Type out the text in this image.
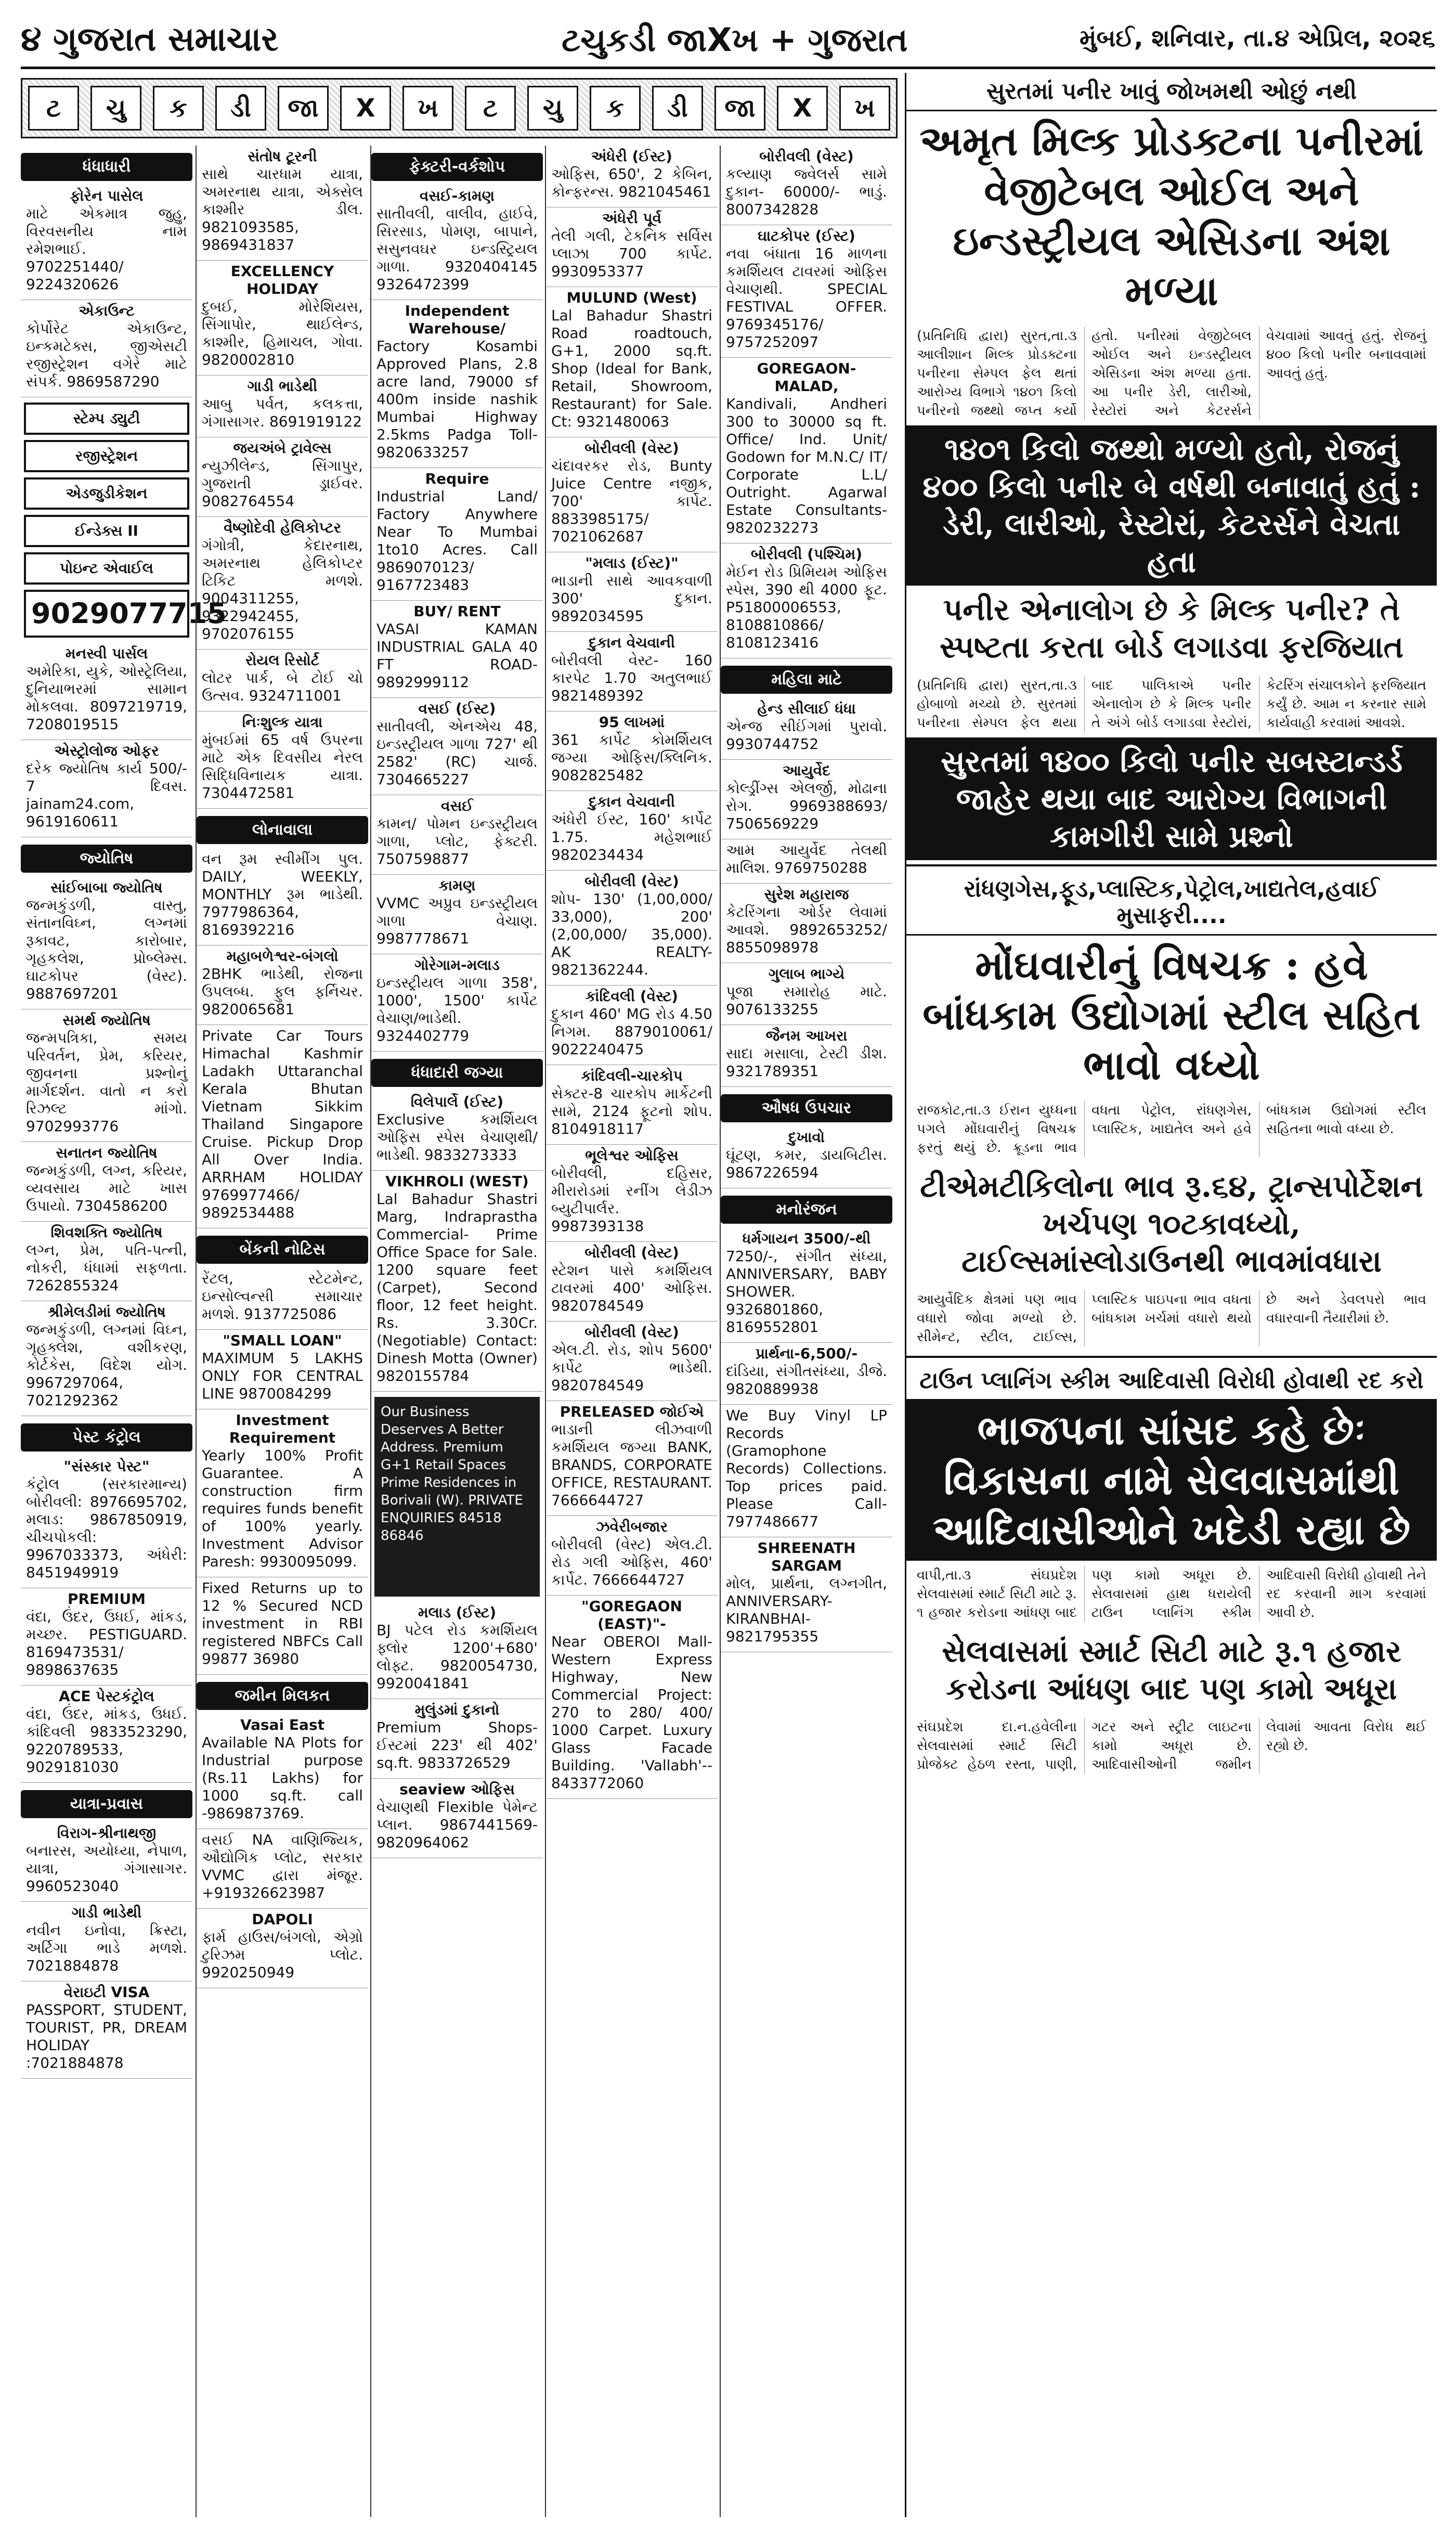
૪ ગુજરાત સમાચાર	ટચુકડી જાXખ + ગુજરાત	મુંબઈ, શનિવાર, તા.૪ એપ્રિલ, ૨૦૨૬
ટ	ચુ	ક	ડી	જા	X	ખ	ટ	ચુ	ક	ડી	જા	X	ખ
ધંધાધારી
ફોરેન પાસેલ
માટે એકમાત્ર જુહુ, વિરવસનીય નામ રમેશભાઈ. 9702251440/ 9224320626
એકાઉન્ટ
કોર્પોરેટ એકાઉન્ટ, ઇન્કમટેક્સ, જીએસટી રજીસ્ટ્રેશન વગેરે માટે સંપર્ક. 9869587290
સ્ટેમ્પ ડ્યુટી
રજીસ્ટ્રેશન
એડજુડીકેશન
ઈન્ડેક્સ II
પોઇન્ટ એવાઈલ
9029077715
મનસ્વી પાર્સલ
અમેરિકા, યુકે, ઓસ્ટ્રેલિયા, દુનિયાભરમાં સામાન મોકલવા. 8097219719, 7208019515
એસ્ટ્રોલોજ ઓફર
દરેક જ્યોતિષ કાર્ય 500/- 7 દિવસ. jainam24.com, 9619160611
જ્યોતિષ
સાંઈબાબા જ્યોતિષ
જન્મકુંડળી, વાસ્તુ, સંતાનવિઘ્ન, લગ્નમાં રૂકાવટ, કારોબાર, ગૃહકલેશ, પ્રોબ્લેમ્સ. ઘાટકોપર (વેસ્ટ). 9887697201
સમર્થ જ્યોતિષ
જન્મપત્રિકા, સમય પરિવર્તન, પ્રેમ, કરિયર, જીવનના પ્રશ્નોનું માર્ગદર્શન. વાતો ન કરો રિઝલ્ટ માંગો. 9702993776
સનાતન જ્યોતિષ
જન્મકુંડળી, લગ્ન, કરિયર, વ્યવસાય માટે ખાસ ઉપાયો. 7304586200
શિવશક્તિ જ્યોતિષ
લગ્ન, પ્રેમ, પતિ-પત્ની, નોકરી, ધંધામાં સફળતા. 7262855324
શ્રીમેલડીમાં જ્યોતિષ
જન્મકુંડળી, લગ્નમાં વિઘ્ન, ગૃહક્લેશ, વશીકરણ, કોર્ટકેસ, વિદેશ યોગ. 9967297064, 7021292362
પેસ્ટ કંટ્રોલ
"સંસ્કાર પેસ્ટ"
કંટ્રોલ (સરકારમાન્ય) બોરીવલી: 8976695702, મલાડ: 9867850919, ચીચપોકલી: 9967033373, અંધેરી: 8451949919
PREMIUM
વંદા, ઉંદર, ઉધઈ, માંકડ, મચ્છર. PESTIGUARD. 8169473531/ 9898637635
ACE પેસ્ટકંટ્રોલ
વંદા, ઉંદર, માંકડ, ઉધઈ. કાંદિવલી 9833523290, 9220789533, 9029181030
યાત્રા-પ્રવાસ
વિરાગ-શ્રીનાથજી
બનારસ, અયોધ્યા, નેપાળ, યાત્રા, ગંગાસાગર. 9960523040
ગાડી ભાડેથી
નવીન ઇનોવા, ક્રિસ્ટા, અર્ટિગા ભાડે મળશે. 7021884878
વેરાઇટી VISA
PASSPORT, STUDENT, TOURIST, PR, DREAM HOLIDAY :7021884878
સંતોષ ટૂરની
સાથે ચારધામ યાત્રા, અમરનાથ યાત્રા, એક્સેલ કાશ્મીર ડીલ. 9821093585, 9869431837
EXCELLENCY HOLIDAY
દુબઈ, મોરેશિયસ, સિંગાપોર, થાઈલેન્ડ, કાશ્મીર, હિમાચલ, ગોવા. 9820002810
ગાડી ભાડેથી
આબુ પર્વત, કલકત્તા, ગંગાસાગર. 8691919122
જયઅંબે ટ્રાવેલ્સ
ન્યુઝીલેન્ડ, સિંગાપુર, ગુજરાતી ડ્રાઈવર. 9082764554
વૈષ્ણોદેવી હેલિકોપ્ટર
ગંગોત્રી, કેદારનાથ, અમરનાથ હેલિકોપ્ટર ટિકિટ મળશે. 9004311255, 9322942455, 9702076155
રોયલ રિસોર્ટ
લોટર પાર્ક, બે ટોઈ ચો ઉત્સવ. 9324711001
નિઃશુલ્ક યાત્રા
મુંબઈમાં 65 વર્ષ ઉપરના માટે એક દિવસીય નેરલ સિદ્ધિવિનાયક યાત્રા. 7304472581
લોનાવાલા
વન રૂમ સ્વીમીંગ પુલ. DAILY, WEEKLY, MONTHLY રૂમ ભાડેથી. 7977986364, 8169392216
મહાબળેશ્વર-બંગલો
2BHK ભાડેથી, રોજના ઉપલબ્ધ. ફુલ ફર્નિચર. 9820065681
Private Car Tours Himachal Kashmir Ladakh Uttaranchal Kerala Bhutan Vietnam Sikkim Thailand Singapore Cruise. Pickup Drop All Over India. ARRHAM HOLIDAY 9769977466/ 9892534488
બેંકની નોટિસ
રેંટલ, સ્ટેટમેન્ટ, ઇન્સોલ્વન્સી સમાચાર મળશે. 9137725086
"SMALL LOAN"
MAXIMUM 5 LAKHS ONLY FOR CENTRAL LINE 9870084299
Investment Requirement
Yearly 100% Profit Guarantee. A construction firm requires funds benefit of 100% yearly. Investment Advisor Paresh: 9930095099.
Fixed Returns up to 12 % Secured NCD investment in RBI registered NBFCs Call 99877 36980
જમીન મિલકત
Vasai East
Available NA Plots for Industrial purpose (Rs.11 Lakhs) for 1000 sq.ft. call -9869873769.
વસઈ NA વાણિજ્યિક, ઔદ્યોગિક પ્લોટ, સરકાર VVMC દ્વારા મંજૂર. +919326623987
DAPOLI
ફાર્મ હાઉસ/બંગલો, એગ્રો ટુરિઝમ પ્લોટ. 9920250949
ફેક્ટરી-વર્કશોપ
વસઈ-કામણ
સાતીવલી, વાલીવ, હાઈવે, સિરસાડ, પોમણ, બાપાને, સસુનવઘર ઇન્ડસ્ટ્રિયલ ગાળા. 9320404145 9326472399
Independent Warehouse/
Factory Kosambi Approved Plans, 2.8 acre land, 79000 sf 400m inside nashik Mumbai Highway 2.5kms Padga Toll-9820633257
Require
Industrial Land/ Factory Anywhere Near To Mumbai 1to10 Acres. Call 9869070123/ 9167723483
BUY/ RENT
VASAI KAMAN INDUSTRIAL GALA 40 FT ROAD- 9892999112
વસઈ (ઈસ્ટ)
સાતીવલી, એનએચ 48, ઇન્ડસ્ટ્રીયલ ગાળા 727' થી 2582' (RC) ચાર્જ. 7304665227
વસઈ
કામન/ પોમન ઇન્ડસ્ટ્રીયલ ગાળા, પ્લોટ, ફેક્ટરી. 7507598877
કામણ
VVMC અપ્રુવ ઇન્ડસ્ટ્રીયલ ગાળા વેચાણ. 9987778671
ગોરેગામ-મલાડ
ઇન્ડસ્ટ્રીયલ ગાળા 358', 1000', 1500' કાર્પેટ વેચાણ/ભાડેથી. 9324402779
ધંધાદારી જગ્યા
વિલેપાર્લે (ઈસ્ટ)
Exclusive કમર્શિયલ ઓફિસ સ્પેસ વેચાણથી/ભાડેથી. 9833273333
VIKHROLI (WEST)
Lal Bahadur Shastri Marg, Indraprastha Commercial- Prime Office Space for Sale. 1200 square feet (Carpet), Second floor, 12 feet height. Rs. 3.30Cr. (Negotiable) Contact: Dinesh Motta (Owner) 9820155784
Our Business Deserves A Better Address. Premium G+1 Retail Spaces Prime Residences in Borivali (W). PRIVATE ENQUIRIES 84518 86846
મલાડ (ઈસ્ટ)
BJ પટેલ રોડ કમર્શિયલ ફ્લોર 1200'+680' લોફ્ટ. 9820054730, 9920041841
મુલુંડમાં દુકાનો
Premium Shops- ઈસ્ટમાં 223' થી 402' sq.ft. 9833726529
seaview ઓફિસ
વેચાણથી Flexible પેમેન્ટ પ્લાન. 9867441569- 9820964062
અંધેરી (ઈસ્ટ)
ઓફિસ, 650', 2 કેબિન, કોન્ફરન્સ. 9821045461
અંધેરી પૂર્વ
તેલી ગલી, ટેકનિક સર્વિસ પ્લાઝા 700 કાર્પેટ. 9930953377
MULUND (West)
Lal Bahadur Shastri Road roadtouch, G+1, 2000 sq.ft. Shop (Ideal for Bank, Retail, Showroom, Restaurant) for Sale. Ct: 9321480063
બોરીવલી (વેસ્ટ)
ચંદાવરકર રોડ, Bunty Juice Centre નજીક, 700' કાર્પેટ. 8833985175/ 7021062687
"મલાડ (ઈસ્ટ)"
ભાડાની સાથે આવકવાળી 300' દુકાન. 9892034595
દુકાન વેચવાની
બોરીવલી વેસ્ટ- 160 કારપેટ 1.70 અતુલભાઈ 9821489392
95 લાખમાં
361 કાર્પેટ કોમર્શિયલ જગ્યા ઓફિસ/ક્લિનિક. 9082825482
દુકાન વેચવાની
અંધેરી ઈસ્ટ, 160' કાર્પેટ 1.75. મહેશભાઈ 9820234434
બોરીવલી (વેસ્ટ)
શોપ- 130' (1,00,000/ 33,000), 200' (2,00,000/ 35,000). AK REALTY- 9821362244.
કાંદિવલી (વેસ્ટ)
દુકાન 460' MG રોડ 4.50 નિગમ. 8879010061/ 9022240475
કાંદિવલી-ચારકોપ
સેક્ટર-8 ચારકોપ માર્કેટની સામે, 2124 ફૂટનો શોપ. 8104918117
ભૂલેશ્વર ઓફિસ
બોરીવલી, દહિસર, મીરારોડમાં રનીંગ લેડીઝ બ્યુટીપાર્લર. 9987393138
બોરીવલી (વેસ્ટ)
સ્ટેશન પાસે કમર્શિયલ ટાવરમાં 400' ઓફિસ. 9820784549
બોરીવલી (વેસ્ટ)
એલ.ટી. રોડ, શોપ 5600' કાર્પેટ ભાડેથી. 9820784549
PRELEASED જોઈએ
ભાડાની લીઝવાળી કમર્શિયલ જગ્યા BANK, BRANDS, CORPORATE OFFICE, RESTAURANT. 7666644727
ઝવેરીબજાર
બોરીવલી (વેસ્ટ) એલ.ટી. રોડ ગલી ઓફિસ, 460' કાર્પેટ. 7666644727
"GOREGAON (EAST)"-
Near OBEROI Mall- Western Express Highway, New Commercial Project: 270 to 280/ 400/ 1000 Carpet. Luxury Glass Facade Building. 'Vallabh'-- 8433772060
બોરીવલી (વેસ્ટ)
કલ્યાણ જ્વેલર્સ સામે દુકાન- 60000/- ભાડું. 8007342828
ઘાટકોપર (ઈસ્ટ)
નવા બંધાતા 16 માળના કમર્શિયલ ટાવરમાં ઓફિસ વેચાણથી. SPECIAL FESTIVAL OFFER. 9769345176/ 9757252097
GOREGAON-MALAD,
Kandivali, Andheri 300 to 30000 sq ft. Office/ Ind. Unit/ Godown for M.N.C/ IT/ Corporate L.L/ Outright. Agarwal Estate Consultants- 9820232273
બોરીવલી (પશ્ચિમ)
મેઈન રોડ પ્રિમિયમ ઓફિસ સ્પેસ, 390 થી 4000 ફૂટ. P51800006553, 8108810866/ 8108123416
મહિલા માટે
હેન્ડ સીલાઈ ધંધા
એન્જ સીઈંગમાં પુરાવો. 9930744752
આયુર્વેદ
કોલ્ડ્રીંગ્સ એલર્જી, મોઢાના રોગ. 9969388693/ 7506569229
આમ આયુર્વેદ તેલથી માલિશ. 9769750288
સુરેશ મહારાજ
કેટરિંગના ઓર્ડર લેવામાં આવશે. 9892653252/ 8855098978
ગુલાબ ભાગ્યે
પૂજા સમારોહ માટે. 9076133255
જૈનમ આખરા
સાદા મસાલા, ટેસ્ટી ડીશ. 9321789351
ઔષધ ઉપચાર
દુખાવો
ઘૂંટણ, કમર, ડાયબિટીસ. 9867226594
મનોરંજન
ધર્મગાયન 3500/-થી
7250/-, સંગીત સંધ્યા, ANNIVERSARY, BABY SHOWER. 9326801860, 8169552801
પ્રાર્થના-6,500/-
દાંડિયા, સંગીતસંધ્યા, ડીજે. 9820889938
We Buy Vinyl LP Records (Gramophone Records) Collections. Top prices paid. Please Call- 7977486677
SHREENATH SARGAM
મોલ, પ્રાર્થના, લગ્નગીત, ANNIVERSARY- KIRANBHAI- 9821795355
સુરતમાં પનીર ખાવું જોખમથી ઓછું નથી
અમૃત મિલ્ક પ્રોડક્ટના પનીરમાં વેજીટેબલ ઓઈલ અને ઇન્ડસ્ટ્રીયલ એસિડના અંશ મળ્યા
(પ્રતિનિધિ દ્વારા) સુરત,તા.૩ આલીશાન મિલ્ક પ્રોડક્ટના પનીરના સેમ્પલ ફેલ થતાં આરોગ્ય વિભાગે ૧૪૦૧ કિલો પનીરનો જથ્થો જપ્ત કર્યો હતો. પનીરમાં વેજીટેબલ ઓઈલ અને ઇન્ડસ્ટ્રીયલ એસિડના અંશ મળ્યા હતા. આ પનીર ડેરી, લારીઓ, રેસ્ટોરાં અને કેટરર્સને વેચવામાં આવતું હતું. રોજનું ૪૦૦ કિલો પનીર બનાવવામાં આવતું હતું.
૧૪૦૧ કિલો જથ્થો મળ્યો હતો, રોજનું ૪૦૦ કિલો પનીર બે વર્ષથી બનાવાતું હતું : ડેરી, લારીઓ, રેસ્ટોરાં, કેટરર્સને વેચતા હતા
પનીર એનાલોગ છે કે મિલ્ક પનીર? તે સ્પષ્ટતા કરતા બોર્ડ લગાડવા ફરજિયાત
(પ્રતિનિધિ દ્વારા) સુરત,તા.૩ હોબાળો મચ્યો છે. સુરતમાં પનીરના સેમ્પલ ફેલ થયા બાદ પાલિકાએ પનીર એનાલોગ છે કે મિલ્ક પનીર તે અંગે બોર્ડ લગાડવા રેસ્ટોરાં, કેટરિંગ સંચાલકોને ફરજિયાત કર્યું છે. આમ ન કરનાર સામે કાર્યવાહી કરવામાં આવશે.
સુરતમાં ૧૪૦૦ કિલો પનીર સબસ્ટાન્ડર્ડ જાહેર થયા બાદ આરોગ્ય વિભાગની કામગીરી સામે પ્રશ્નો
રાંધણગેસ,ફૂડ,પ્લાસ્ટિક,પેટ્રોલ,ખાદ્યતેલ,હવાઈ મુસાફરી....
મોંઘવારીનું વિષચક્ર : હવે બાંધકામ ઉદ્યોગમાં સ્ટીલ સહિત ભાવો વધ્યો
રાજકોટ,તા.૩ ઈરાન યુધ્ધના પગલે મોંઘવારીનું વિષચક્ર ફરતું થયું છે. ક્રૂડના ભાવ વધતા પેટ્રોલ, રાંધણગેસ, પ્લાસ્ટિક, ખાદ્યતેલ અને હવે બાંધકામ ઉદ્યોગમાં સ્ટીલ સહિતના ભાવો વધ્યા છે.
ટીએમટીકિલોના ભાવ રૂ.૬૪, ટ્રાન્સપોર્ટેશન ખર્ચપણ ૧૦ટકાવધ્યો, ટાઈલ્સમાંસ્લોડાઉનથી ભાવમાંવધારા
આયુર્વેદિક ક્ષેત્રમાં પણ ભાવ વધારો જોવા મળ્યો છે. સીમેન્ટ, સ્ટીલ, ટાઈલ્સ, પ્લાસ્ટિક પાઇપના ભાવ વધતા બાંધકામ ખર્ચમાં વધારો થયો છે અને ડેવલપરો ભાવ વધારવાની તૈયારીમાં છે.
ટાઉન પ્લાનિંગ સ્કીમ આદિવાસી વિરોધી હોવાથી રદ કરો
ભાજપના સાંસદ કહે છેઃ વિકાસના નામે સેલવાસમાંથી આદિવાસીઓને ખદેડી રહ્યા છે
વાપી,તા.૩ સંઘપ્રદેશ સેલવાસમાં સ્માર્ટ સિટી માટે રૂ. ૧ હજાર કરોડના આંધણ બાદ પણ કામો અધૂરા છે. સેલવાસમાં હાથ ધરાયેલી ટાઉન પ્લાનિંગ સ્કીમ આદિવાસી વિરોધી હોવાથી તેને રદ કરવાની માગ કરવામાં આવી છે.
સેલવાસમાં સ્માર્ટ સિટી માટે રૂ.૧ હજાર કરોડના આંધણ બાદ પણ કામો અધૂરા
સંઘપ્રદેશ દા.ન.હવેલીના સેલવાસમાં સ્માર્ટ સિટી પ્રોજેક્ટ હેઠળ રસ્તા, પાણી, ગટર અને સ્ટ્રીટ લાઇટના કામો અધૂરા છે. આદિવાસીઓની જમીન લેવામાં આવતા વિરોધ થઈ રહ્યો છે.
